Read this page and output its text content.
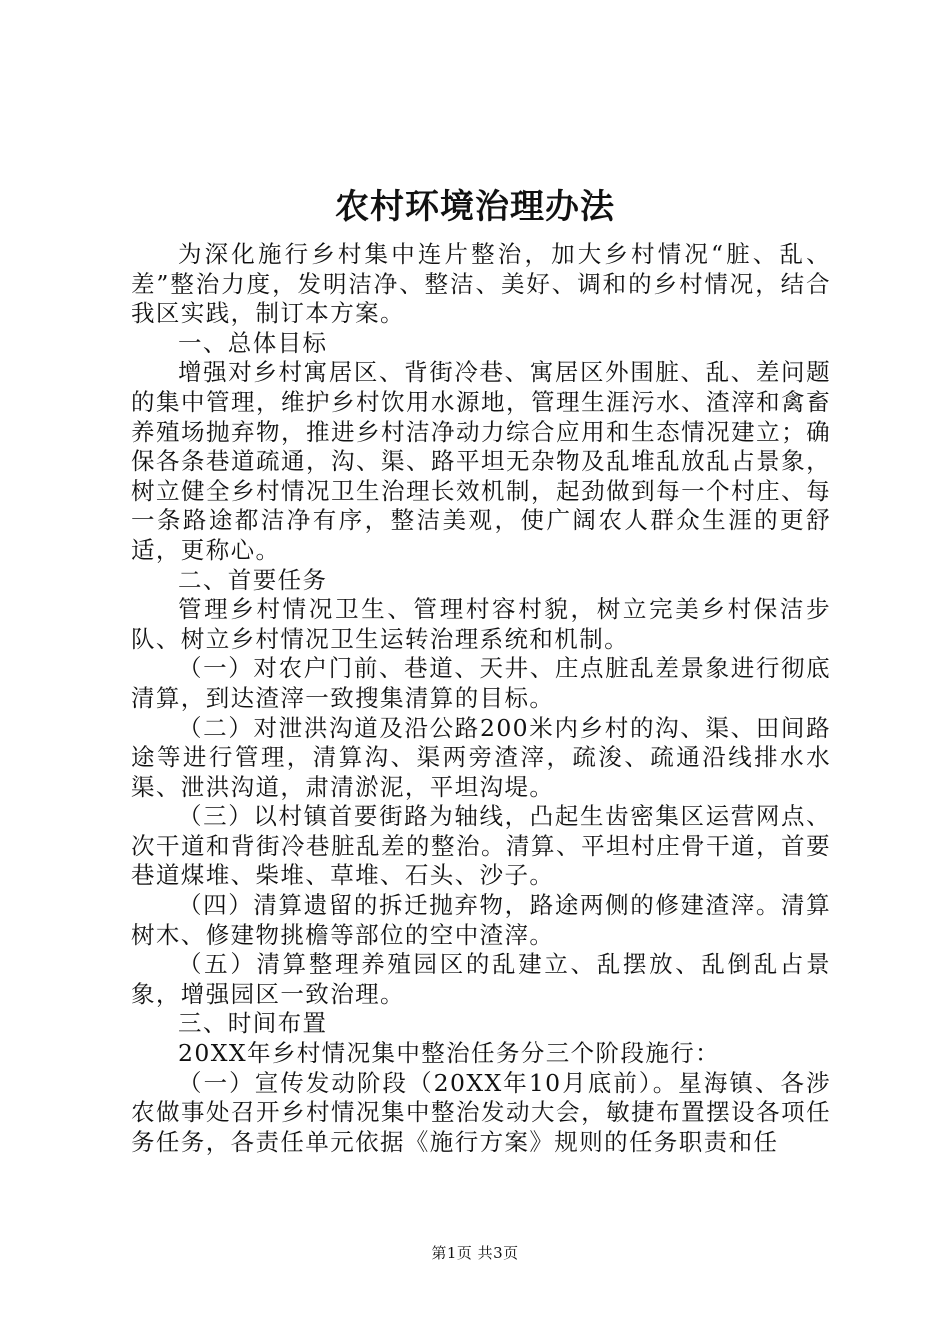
农村环境治理办法

为深化施行乡村集中连片整治，加大乡村情况“脏、乱、差”整治力度，发明洁净、整洁、美好、调和的乡村情况，结合我区实践，制订本方案。

一、总体目标

增强对乡村寓居区、背街冷巷、寓居区外围脏、乱、差问题的集中管理，维护乡村饮用水源地，管理生涯污水、渣滓和禽畜养殖场抛弃物，推进乡村洁净动力综合应用和生态情况建立；确保各条巷道疏通，沟、渠、路平坦无杂物及乱堆乱放乱占景象，树立健全乡村情况卫生治理长效机制，起劲做到每一个村庄、每一条路途都洁净有序，整洁美观，使广阔农人群众生涯的更舒适，更称心。

二、首要任务

管理乡村情况卫生、管理村容村貌，树立完美乡村保洁步队、树立乡村情况卫生运转治理系统和机制。

（一）对农户门前、巷道、天井、庄点脏乱差景象进行彻底清算，到达渣滓一致搜集清算的目标。

（二）对泄洪沟道及沿公路200米内乡村的沟、渠、田间路途等进行管理，清算沟、渠两旁渣滓，疏浚、疏通沿线排水水渠、泄洪沟道，肃清淤泥，平坦沟堤。

（三）以村镇首要街路为轴线，凸起生齿密集区运营网点、次干道和背街冷巷脏乱差的整治。清算、平坦村庄骨干道，首要巷道煤堆、柴堆、草堆、石头、沙子。

（四）清算遗留的拆迁抛弃物，路途两侧的修建渣滓。清算树木、修建物挑檐等部位的空中渣滓。

（五）清算整理养殖园区的乱建立、乱摆放、乱倒乱占景象，增强园区一致治理。

三、时间布置

20XX年乡村情况集中整治任务分三个阶段施行：

（一）宣传发动阶段（20XX年10月底前）。星海镇、各涉农做事处召开乡村情况集中整治发动大会，敏捷布置摆设各项任务任务，各责任单元依据《施行方案》规则的任务职责和任

第1页 共3页
